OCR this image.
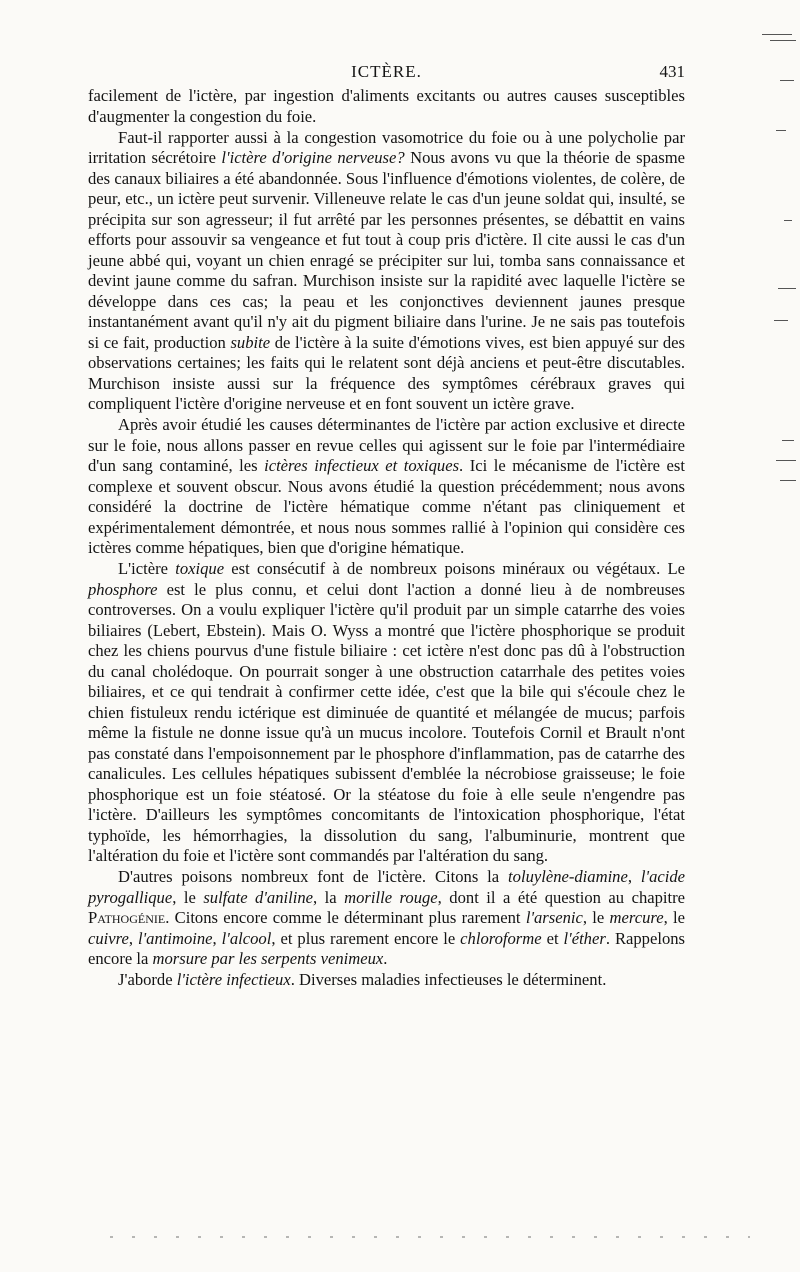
ICTÈRE.	431

facilement de l'ictère, par ingestion d'aliments excitants ou autres causes susceptibles d'augmenter la congestion du foie.

Faut-il rapporter aussi à la congestion vasomotrice du foie ou à une polycholie par irritation sécrétoire l'ictère d'origine nerveuse? Nous avons vu que la théorie de spasme des canaux biliaires a été abandonnée. Sous l'influence d'émotions violentes, de colère, de peur, etc., un ictère peut survenir. Villeneuve relate le cas d'un jeune soldat qui, insulté, se précipita sur son agresseur; il fut arrêté par les personnes présentes, se débattit en vains efforts pour assouvir sa vengeance et fut tout à coup pris d'ictère. Il cite aussi le cas d'un jeune abbé qui, voyant un chien enragé se précipiter sur lui, tomba sans connaissance et devint jaune comme du safran. Murchison insiste sur la rapidité avec laquelle l'ictère se développe dans ces cas; la peau et les conjonctives deviennent jaunes presque instantanément avant qu'il n'y ait du pigment biliaire dans l'urine. Je ne sais pas toutefois si ce fait, production subite de l'ictère à la suite d'émotions vives, est bien appuyé sur des observations certaines; les faits qui le relatent sont déjà anciens et peut-être discutables. Murchison insiste aussi sur la fréquence des symptômes cérébraux graves qui compliquent l'ictère d'origine nerveuse et en font souvent un ictère grave.

Après avoir étudié les causes déterminantes de l'ictère par action exclusive et directe sur le foie, nous allons passer en revue celles qui agissent sur le foie par l'intermédiaire d'un sang contaminé, les ictères infectieux et toxiques. Ici le mécanisme de l'ictère est complexe et souvent obscur. Nous avons étudié la question précédemment; nous avons considéré la doctrine de l'ictère hématique comme n'étant pas cliniquement et expérimentalement démontrée, et nous nous sommes rallié à l'opinion qui considère ces ictères comme hépatiques, bien que d'origine hématique.

L'ictère toxique est consécutif à de nombreux poisons minéraux ou végétaux. Le phosphore est le plus connu, et celui dont l'action a donné lieu à de nombreuses controverses. On a voulu expliquer l'ictère qu'il produit par un simple catarrhe des voies biliaires (Lebert, Ebstein). Mais O. Wyss a montré que l'ictère phosphorique se produit chez les chiens pourvus d'une fistule biliaire : cet ictère n'est donc pas dû à l'obstruction du canal cholédoque. On pourrait songer à une obstruction catarrhale des petites voies biliaires, et ce qui tendrait à confirmer cette idée, c'est que la bile qui s'écoule chez le chien fistuleux rendu ictérique est diminuée de quantité et mélangée de mucus; parfois même la fistule ne donne issue qu'à un mucus incolore. Toutefois Cornil et Brault n'ont pas constaté dans l'empoisonnement par le phosphore d'inflammation, pas de catarrhe des canalicules. Les cellules hépatiques subissent d'emblée la nécrobiose graisseuse; le foie phosphorique est un foie stéatosé. Or la stéatose du foie à elle seule n'engendre pas l'ictère. D'ailleurs les symptômes concomitants de l'intoxication phosphorique, l'état typhoïde, les hémorrhagies, la dissolution du sang, l'albuminurie, montrent que l'altération du foie et l'ictère sont commandés par l'altération du sang.

D'autres poisons nombreux font de l'ictère. Citons la toluylène-diamine, l'acide pyrogallique, le sulfate d'aniline, la morille rouge, dont il a été question au chapitre Pathogénie. Citons encore comme le déterminant plus rarement l'arsenic, le mercure, le cuivre, l'antimoine, l'alcool, et plus rarement encore le chloroforme et l'éther. Rappelons encore la morsure par les serpents venimeux.

J'aborde l'ictère infectieux. Diverses maladies infectieuses le déterminent.
